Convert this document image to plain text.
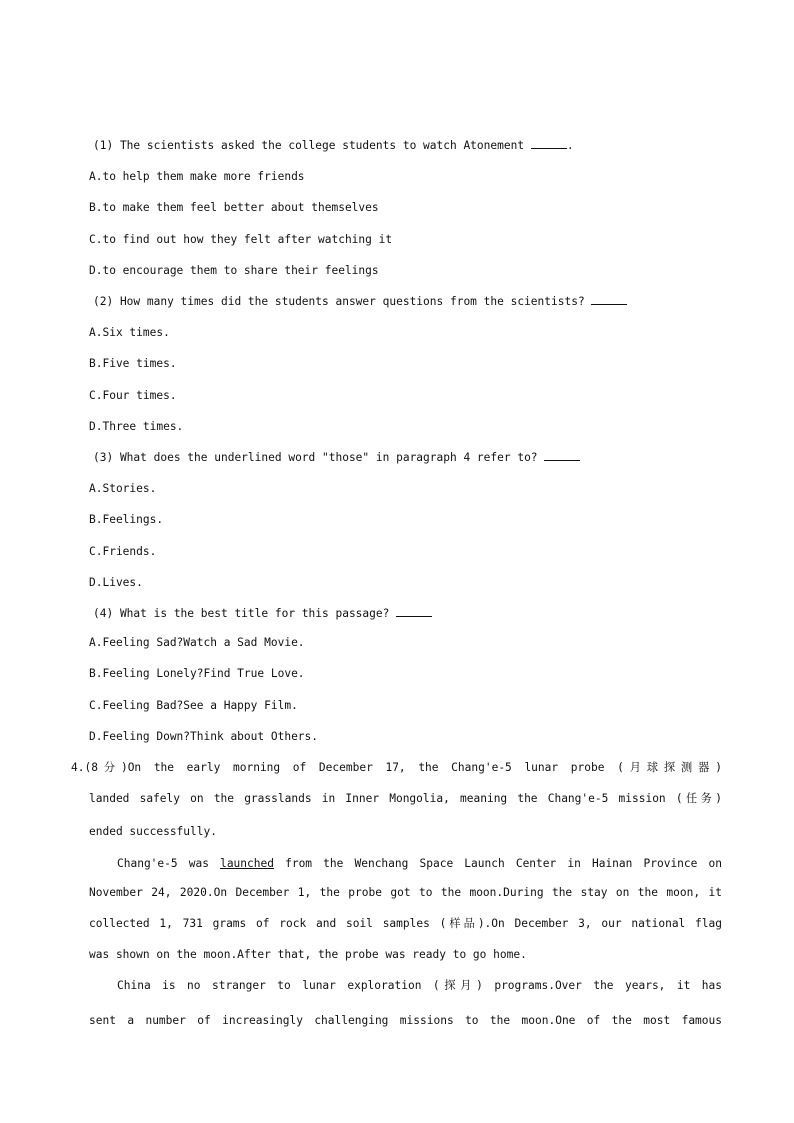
(1) The scientists asked the college students to watch Atonement	.
A.to help them make more friends
B.to make them feel better about themselves
C.to find out how they felt after watching it
D.to encourage them to share their feelings
(2) How many times did the students answer questions from the scientists?
A.Six times.
B.Five times.
C.Four times.
D.Three times.
(3) What does the underlined word "those" in paragraph 4 refer to?
A.Stories.
B.Feelings.
C.Friends.
D.Lives.
(4) What is the best title for this passage?
A.Feeling Sad?Watch a Sad Movie.
B.Feeling Lonely?Find True Love.
C.Feeling Bad?See a Happy Film.
D.Feeling Down?Think about Others.
4.(8分)On the early morning of December 17, the Chang'e-5 lunar probe (月球探测器)
landed safely on the grasslands in Inner Mongolia, meaning the Chang'e-5 mission (任务)
ended successfully.
Chang'e-5 was launched from the Wenchang Space Launch Center in Hainan Province on
November 24, 2020.On December 1, the probe got to the moon.During the stay on the moon, it
collected 1, 731 grams of rock and soil samples (样品).On December 3, our national flag
was shown on the moon.After that, the probe was ready to go home.
China is no stranger to lunar exploration (探月) programs.Over the years, it has
sent a number of increasingly challenging missions to the moon.One of the most famous
